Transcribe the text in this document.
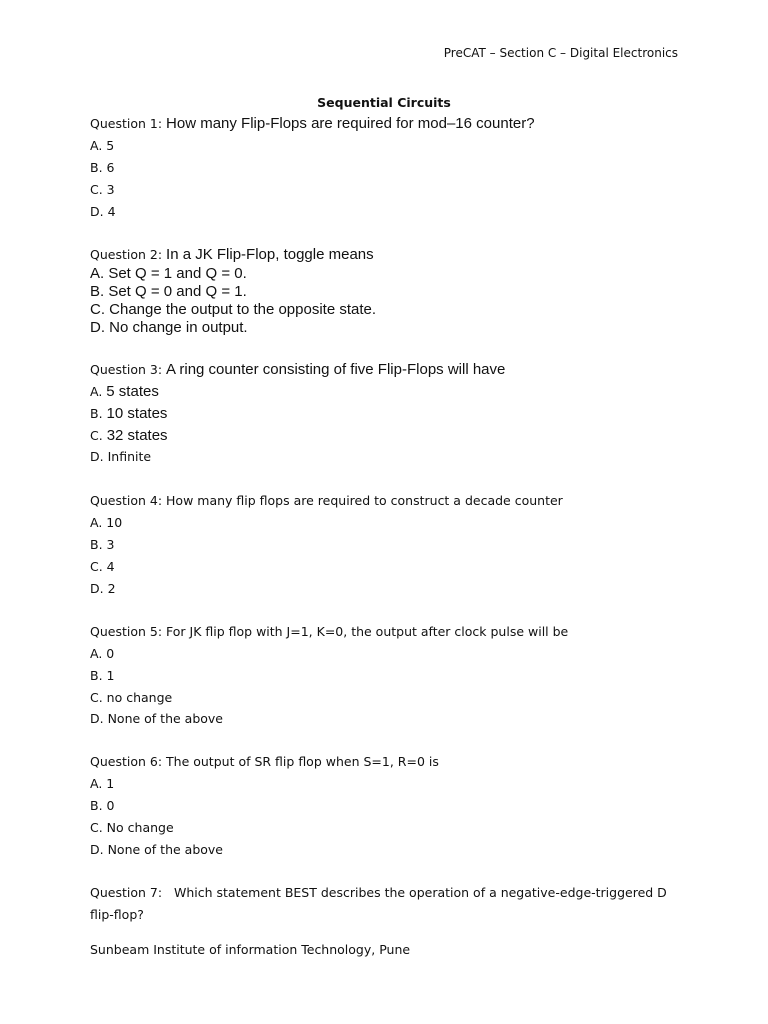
PreCAT – Section C – Digital Electronics
Sequential Circuits
Question 1: How many Flip-Flops are required for mod–16 counter?
A. 5
B. 6
C. 3
D. 4
Question 2: In a JK Flip-Flop, toggle means
A. Set Q = 1 and Q = 0.
B. Set Q = 0 and Q = 1.
C. Change the output to the opposite state.
D. No change in output.
Question 3: A ring counter consisting of five Flip-Flops will have
A. 5 states
B. 10 states
C. 32 states
D. Infinite
Question 4: How many flip flops are required to construct a decade counter
A. 10
B. 3
C. 4
D. 2
Question 5: For JK flip flop with J=1, K=0, the output after clock pulse will be
A. 0
B. 1
C. no change
D. None of the above
Question 6: The output of SR flip flop when S=1, R=0 is
A. 1
B. 0
C. No change
D. None of the above
Question 7:   Which statement BEST describes the operation of a negative-edge-triggered D flip-flop?
Sunbeam Institute of information Technology, Pune
